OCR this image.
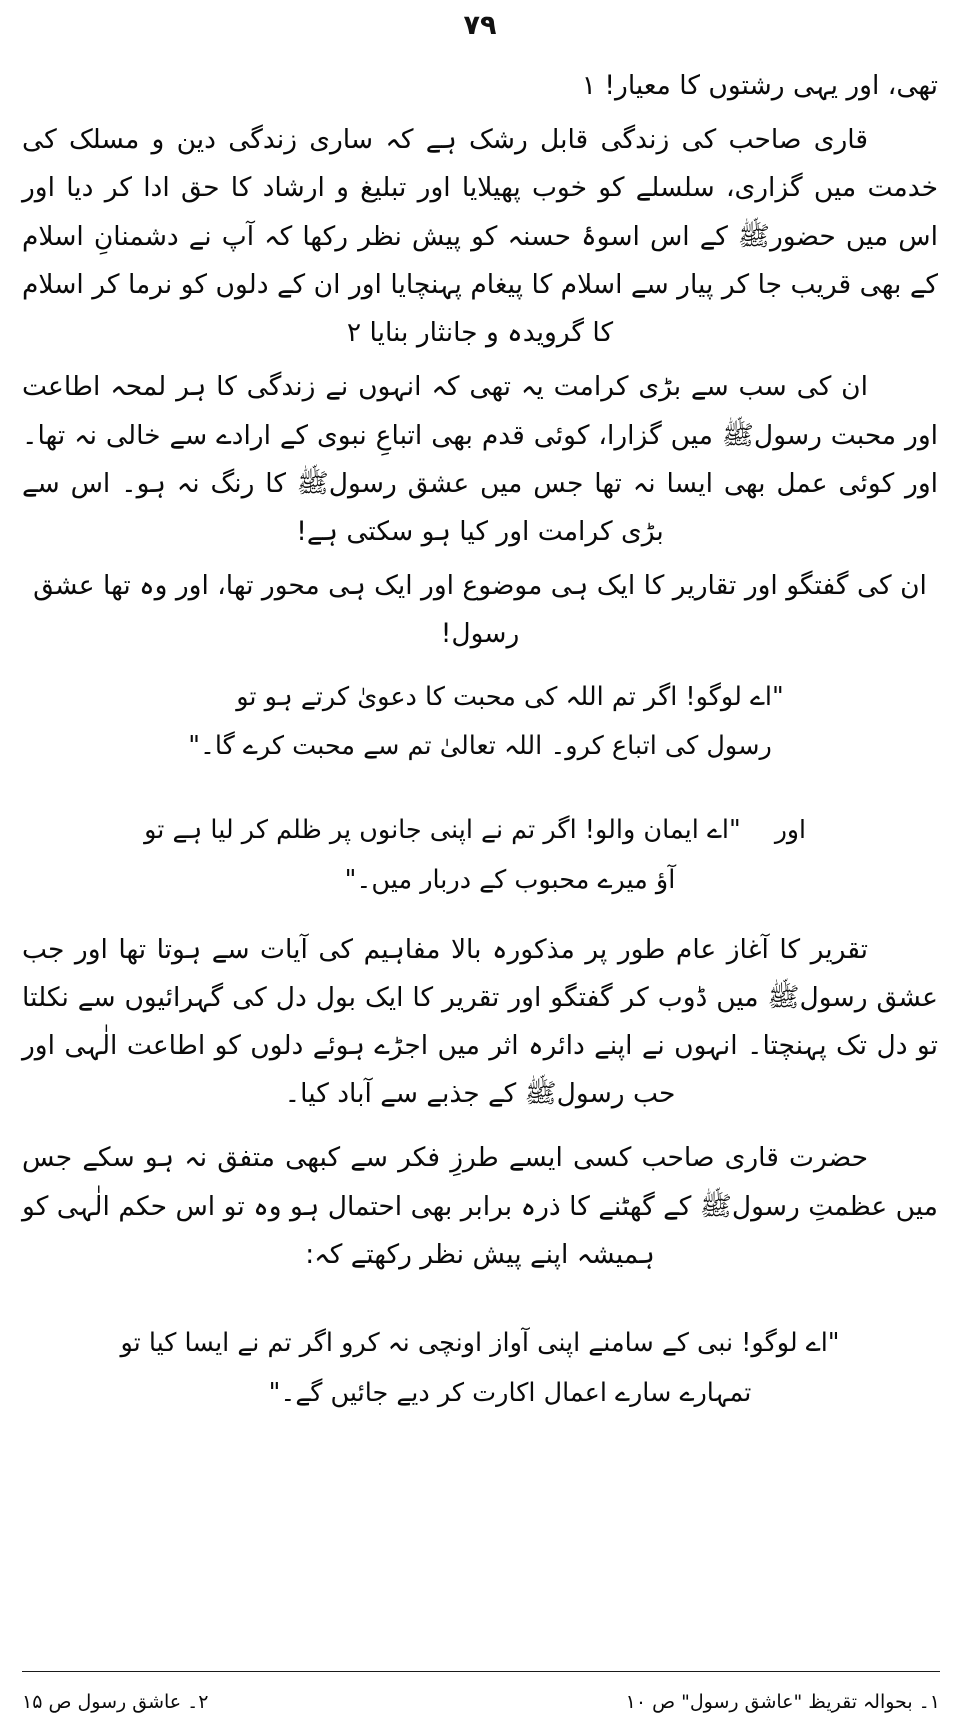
۷۹

تھی، اور یہی رشتوں کا معیار! ۱

قاری صاحب کی زندگی قابل رشک ہے کہ ساری زندگی دین و مسلک کی خدمت میں گزاری، سلسلے کو خوب پھیلایا اور تبلیغ و ارشاد کا حق ادا کر دیا اور اس میں حضورﷺ کے اس اسوۂ حسنہ کو پیش نظر رکھا کہ آپ نے دشمنانِ اسلام کے بھی قریب جا کر پیار سے اسلام کا پیغام پہنچایا اور ان کے دلوں کو نرما کر اسلام کا گرویدہ و جانثار بنایا ۲

ان کی سب سے بڑی کرامت یہ تھی کہ انہوں نے زندگی کا ہر لمحہ اطاعت اور محبت رسولﷺ میں گزارا، کوئی قدم بھی اتباعِ نبوی کے ارادے سے خالی نہ تھا۔ اور کوئی عمل بھی ایسا نہ تھا جس میں عشق رسولﷺ کا رنگ نہ ہو۔ اس سے بڑی کرامت اور کیا ہو سکتی ہے!

ان کی گفتگو اور تقاریر کا ایک ہی موضوع اور ایک ہی محور تھا، اور وہ تھا عشق رسول!

"اے لوگو! اگر تم اللہ کی محبت کا دعویٰ کرتے ہو تو
رسول کی اتباع کرو۔ اللہ تعالیٰ تم سے محبت کرے گا۔"
اور "اے ایمان والو! اگر تم نے اپنی جانوں پر ظلم کر لیا ہے تو
آؤ میرے محبوب کے دربار میں۔"

تقریر کا آغاز عام طور پر مذکورہ بالا مفاہیم کی آیات سے ہوتا تھا اور جب عشق رسولﷺ میں ڈوب کر گفتگو اور تقریر کا ایک بول دل کی گہرائیوں سے نکلتا تو دل تک پہنچتا۔ انہوں نے اپنے دائرہ اثر میں اجڑے ہوئے دلوں کو اطاعت الٰہی اور حب رسولﷺ کے جذبے سے آباد کیا۔

حضرت قاری صاحب کسی ایسے طرزِ فکر سے کبھی متفق نہ ہو سکے جس میں عظمتِ رسولﷺ کے گھٹنے کا ذرہ برابر بھی احتمال ہو وہ تو اس حکم الٰہی کو ہمیشہ اپنے پیش نظر رکھتے کہ:

"اے لوگو! نبی کے سامنے اپنی آواز اونچی نہ کرو اگر تم نے ایسا کیا تو
تمہارے سارے اعمال اکارت کر دیے جائیں گے۔"
۱۔ بحوالہ تقریظ "عاشق رسول" ص ۱۰
۲۔ عاشق رسول ص ۱۵
